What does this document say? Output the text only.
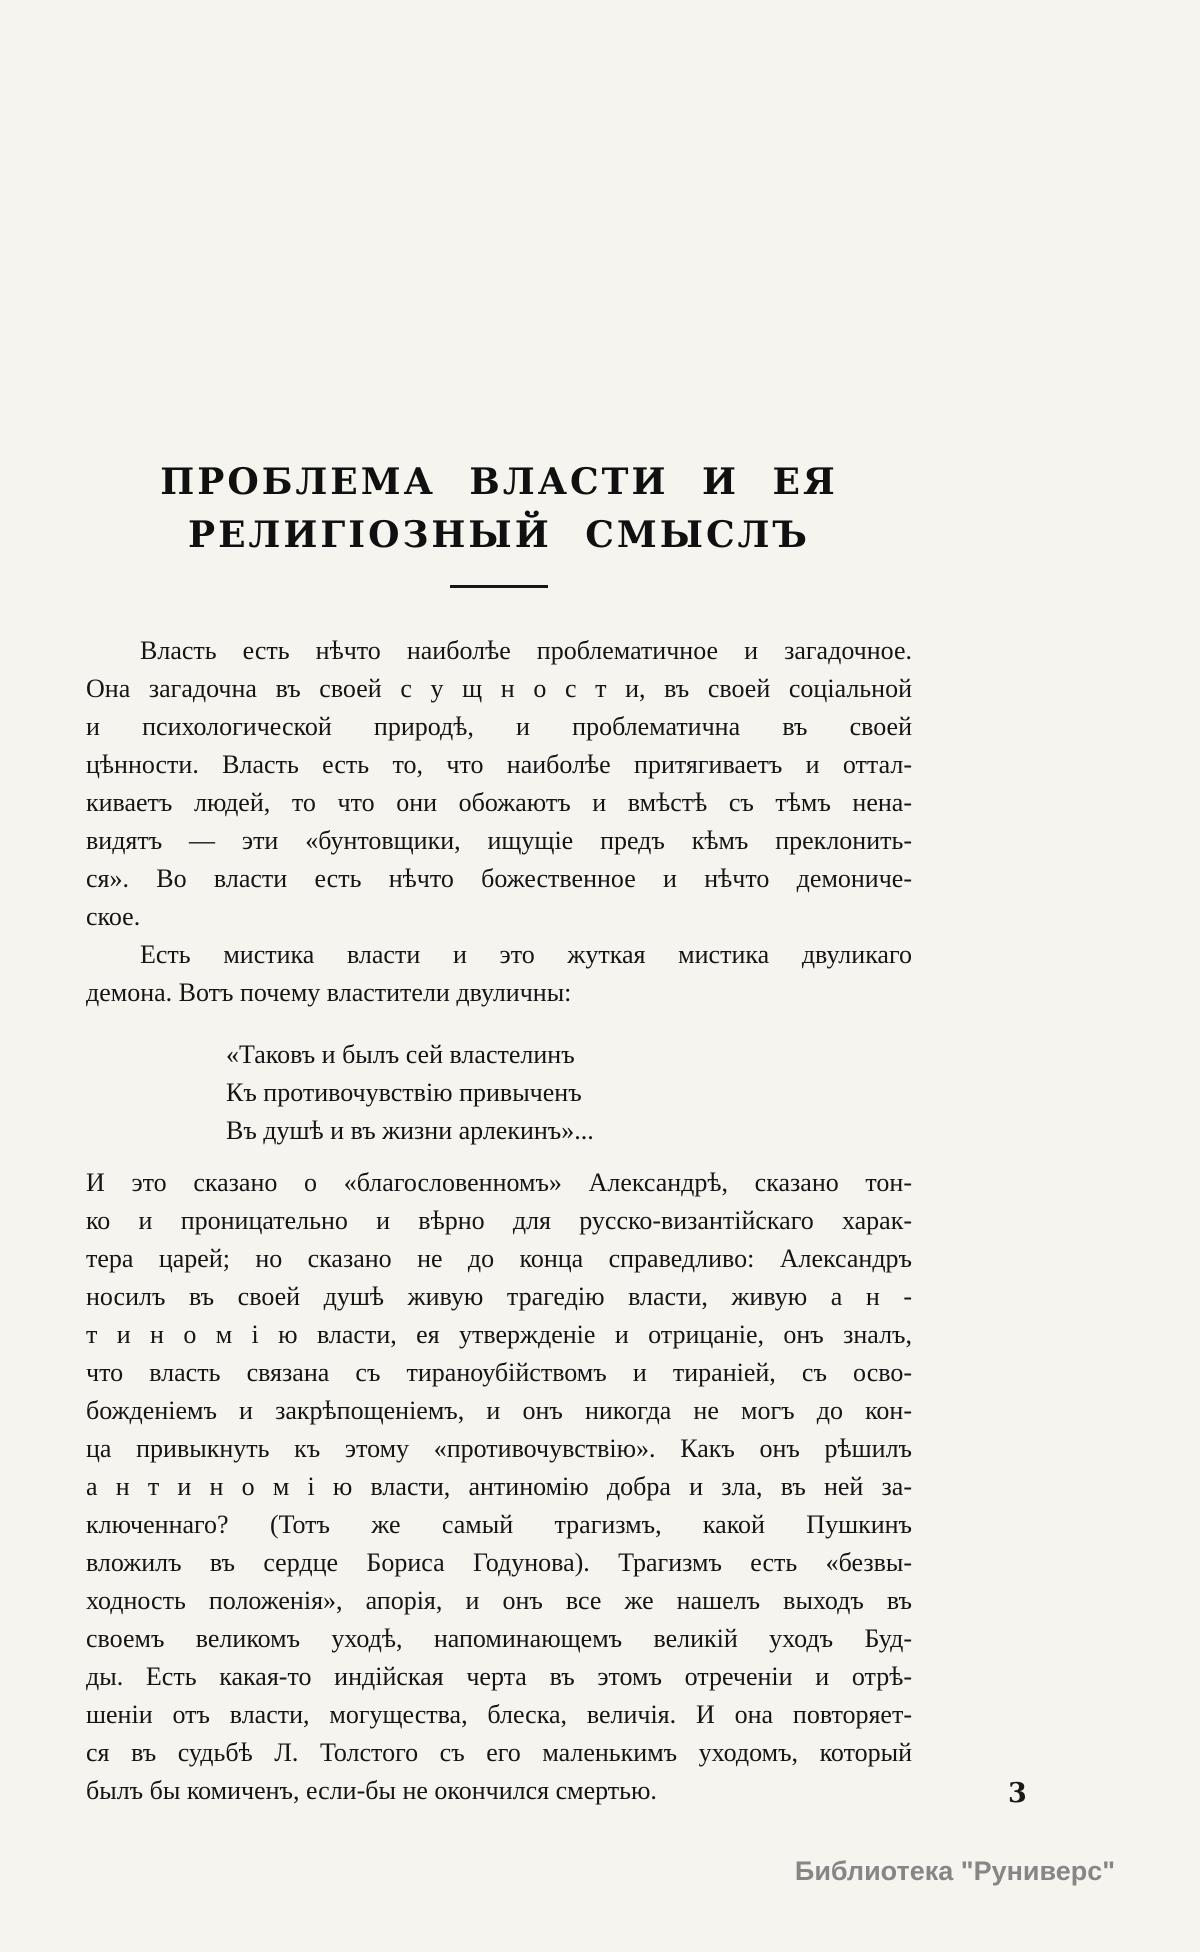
ПРОБЛЕМА ВЛАСТИ И ЕЯ
РЕЛИГІОЗНЫЙ СМЫСЛЪ
Власть есть нѣчто наиболѣе проблематичное и загадочное.
Она загадочна въ своей с у щ н о с т и, въ своей соціальной
и психологической природѣ, и проблематична въ своей
цѣнности. Власть есть то, что наиболѣе притягиваетъ и оттал-
киваетъ людей, то что они обожаютъ и вмѣстѣ съ тѣмъ нена-
видятъ — эти «бунтовщики, ищущіе предъ кѣмъ преклонить-
ся». Во власти есть нѣчто божественное и нѣчто демониче-
ское.
Есть мистика власти и это жуткая мистика двуликаго
демона. Вотъ почему властители двуличны:
«Таковъ и былъ сей властелинъ
Къ противочувствію привыченъ
Въ душѣ и въ жизни арлекинъ»...
И это сказано о «благословенномъ» Александрѣ, сказано тон-
ко и проницательно и вѣрно для русско-византійскаго харак-
тера царей; но сказано не до конца справедливо: Александръ
носилъ въ своей душѣ живую трагедію власти, живую а н -
т и н о м і ю власти, ея утвержденіе и отрицаніе, онъ зналъ,
что власть связана съ тираноубійствомъ и тираніей, съ осво-
божденіемъ и закрѣпощеніемъ, и онъ никогда не могъ до кон-
ца привыкнуть къ этому «противочувствію». Какъ онъ рѣшилъ
а н т и н о м і ю власти, антиномію добра и зла, въ ней за-
ключеннаго? (Тотъ же самый трагизмъ, какой Пушкинъ
вложилъ въ сердце Бориса Годунова). Трагизмъ есть «безвы-
ходность положенія», апорія, и онъ все же нашелъ выходъ въ
своемъ великомъ уходѣ, напоминающемъ великій уходъ Буд-
ды. Есть какая-то индійская черта въ этомъ отреченіи и отрѣ-
шеніи отъ власти, могущества, блеска, величія. И она повторяет-
ся въ судьбѣ Л. Толстого съ его маленькимъ уходомъ, который
былъ бы комиченъ, если-бы не окончился смертью.	3
Библиотека "Руниверс"
